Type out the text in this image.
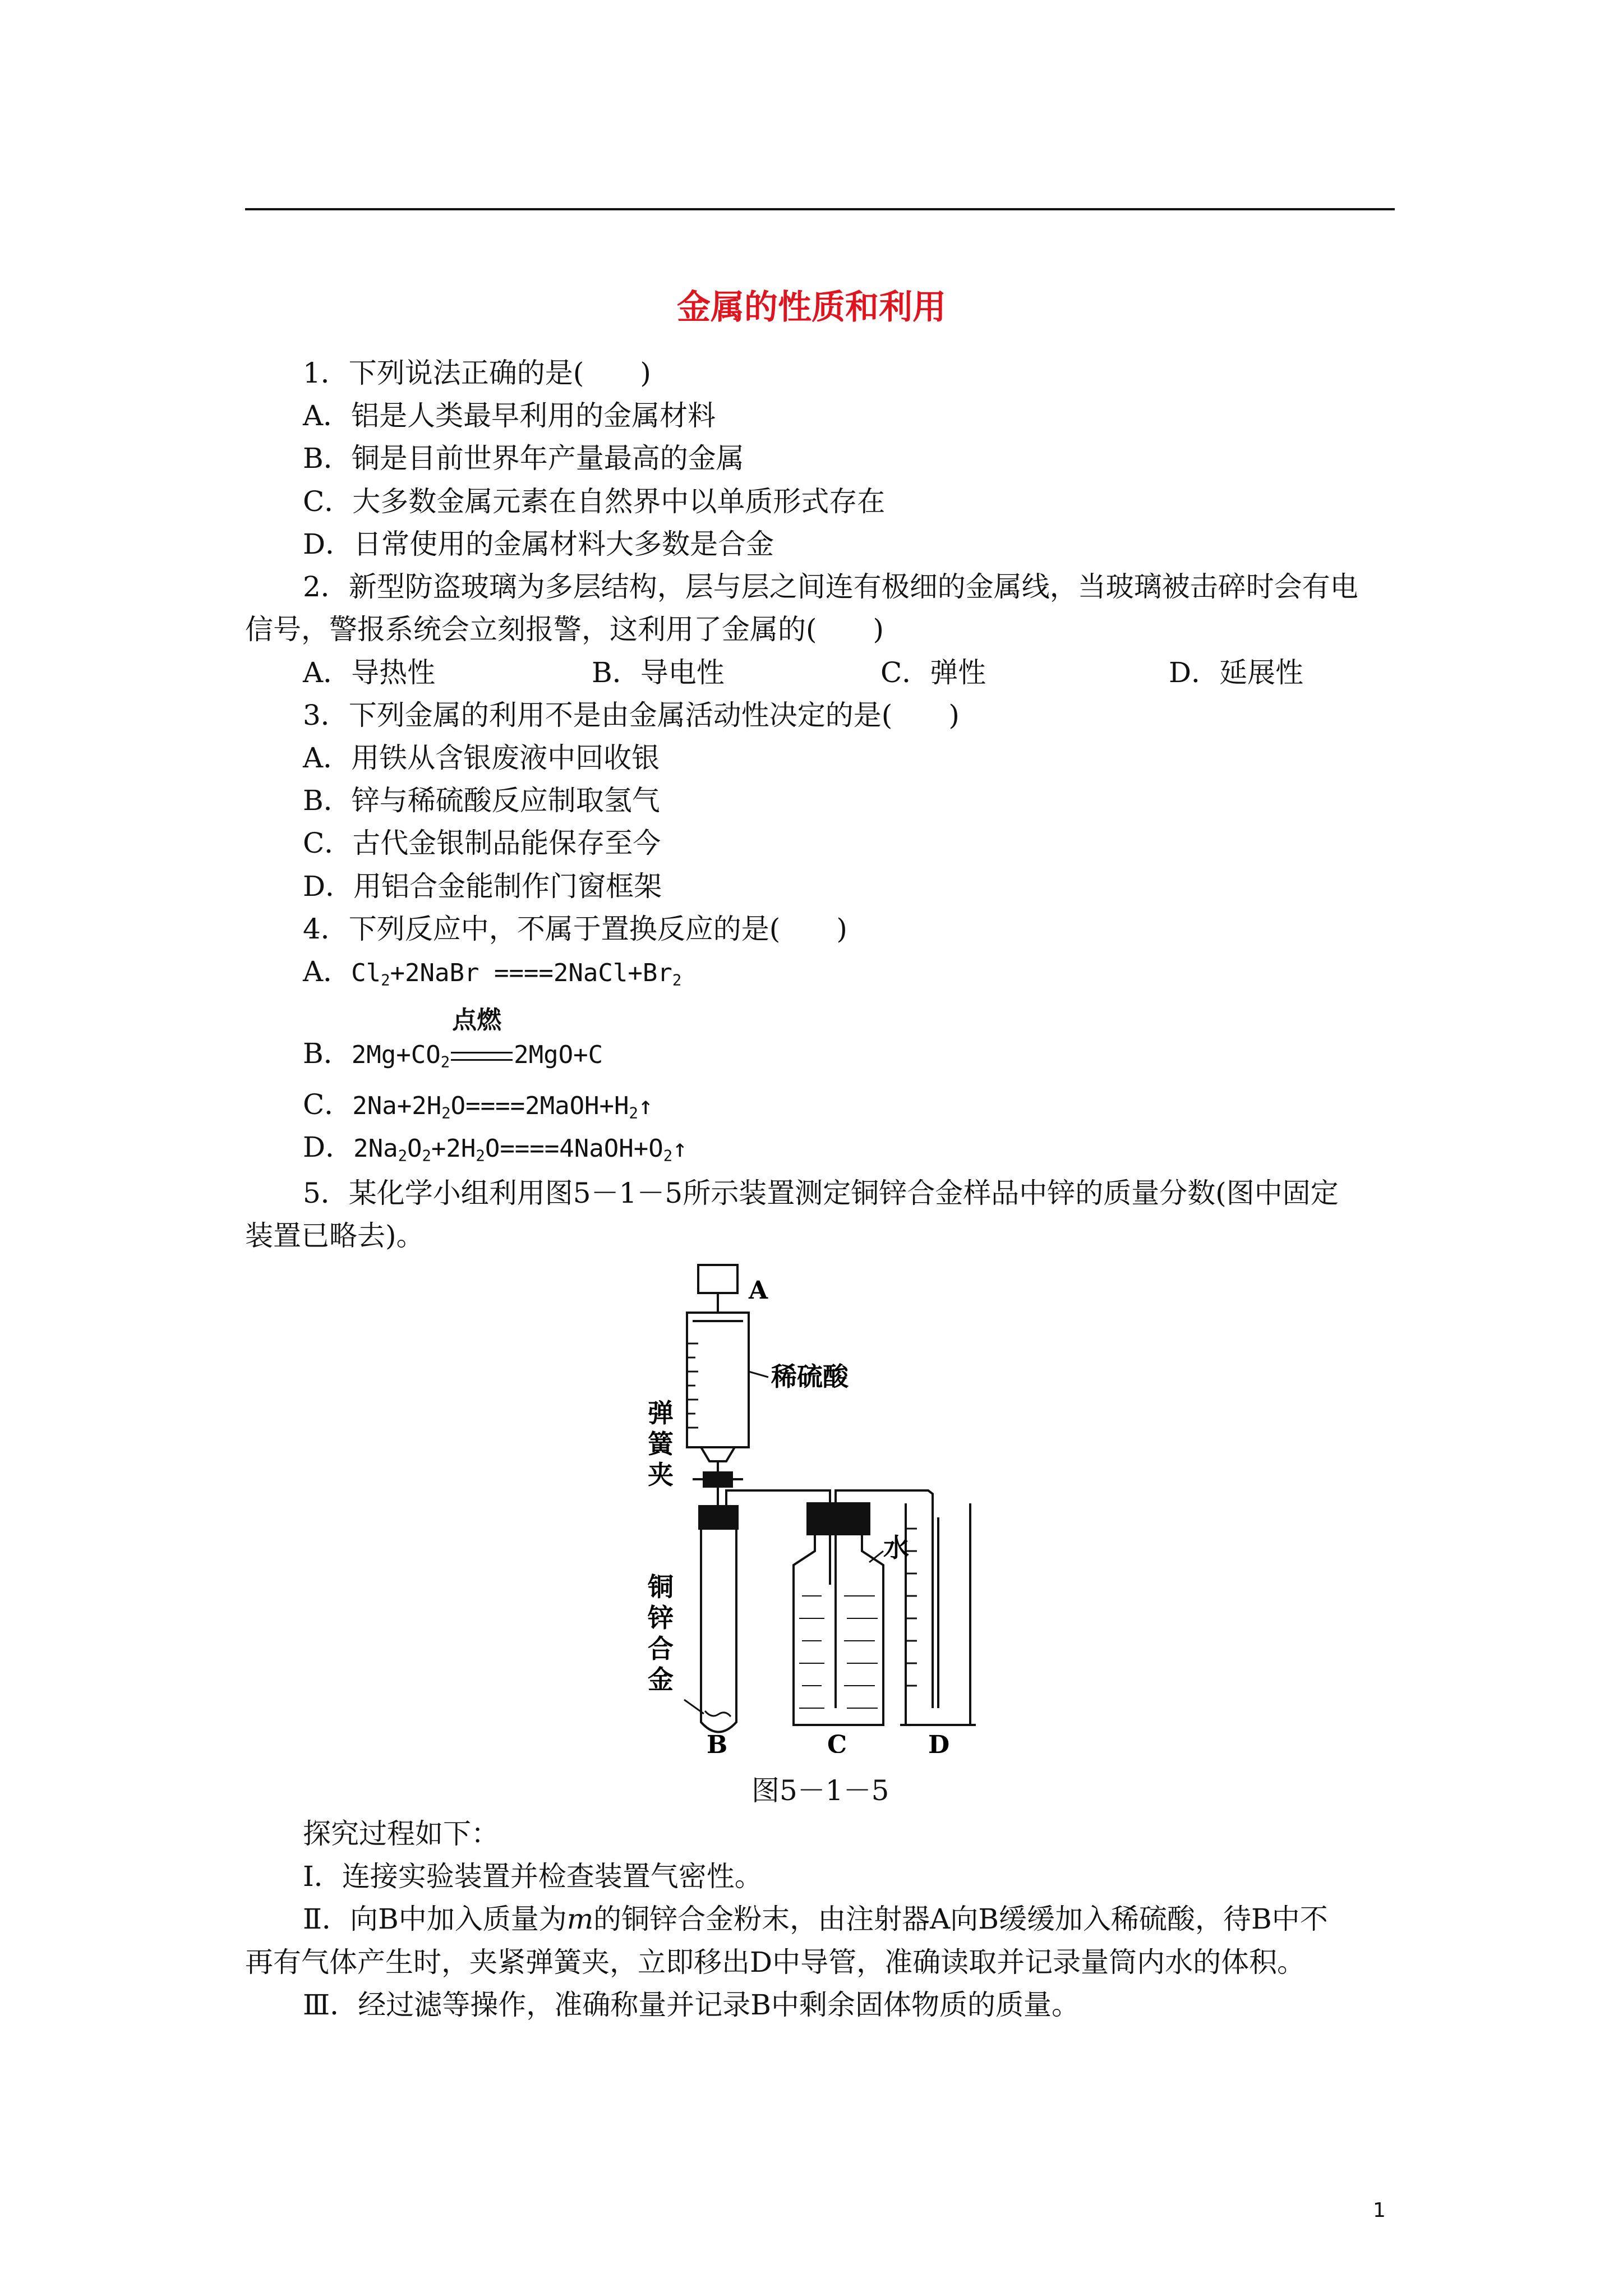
金属的性质和利用
1．下列说法正确的是(　　)
A．铝是人类最早利用的金属材料
B．铜是目前世界年产量最高的金属
C．大多数金属元素在自然界中以单质形式存在
D．日常使用的金属材料大多数是合金
2．新型防盗玻璃为多层结构，层与层之间连有极细的金属线，当玻璃被击碎时会有电
信号，警报系统会立刻报警，这利用了金属的(　　)
A．导热性	B．导电性	C．弹性	D．延展性
3．下列金属的利用不是由金属活动性决定的是(　　)
A．用铁从含银废液中回收银
B．锌与稀硫酸反应制取氢气
C．古代金银制品能保存至今
D．用铝合金能制作门窗框架
4．下列反应中，不属于置换反应的是(　　)
A．$Cl_2+2NaBr$ $====2NaCl+Br_2$
B．$2Mg+CO_2$
点燃
2MgO+C
C．$2Na+2H_2O====2MaOH+H_2↑$
D．$2Na_2O_2+2H_2O====4NaOH+O_2↑$
5．某化学小组利用图5－1－5所示装置测定铜锌合金样品中锌的质量分数(图中固定
装置已略去)。
A
稀硫酸
弹
簧
夹
铜
锌
合
金
水
B	C	D
图5－1－5
探究过程如下：
Ⅰ．连接实验装置并检查装置气密性。
Ⅱ．向B中加入质量为m的铜锌合金粉末，由注射器A向B缓缓加入稀硫酸，待B中不
再有气体产生时，夹紧弹簧夹，立即移出D中导管，准确读取并记录量筒内水的体积。
Ⅲ．经过滤等操作，准确称量并记录B中剩余固体物质的质量。
1
